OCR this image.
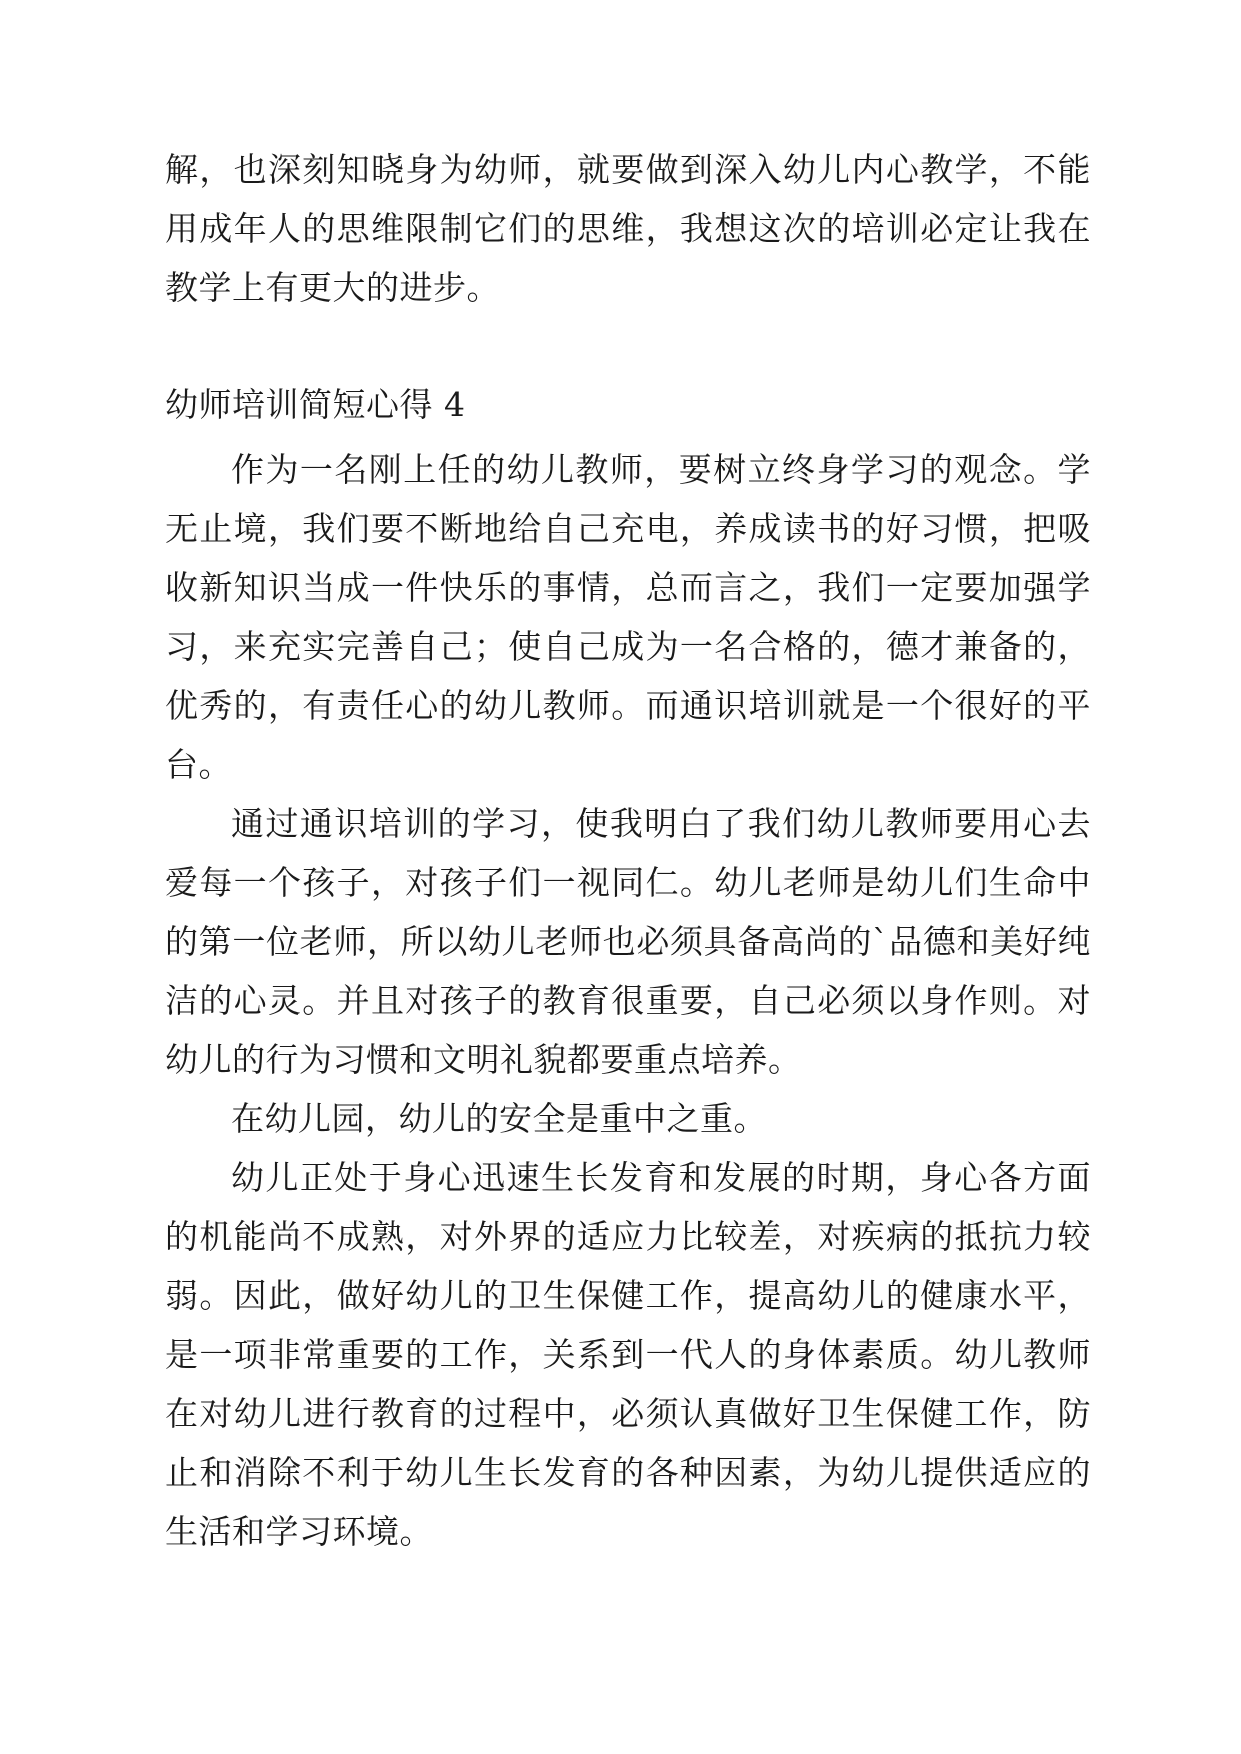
解，也深刻知晓身为幼师，就要做到深入幼儿内心教学，不能用成年人的思维限制它们的思维，我想这次的培训必定让我在教学上有更大的进步。

幼师培训简短心得 4

作为一名刚上任的幼儿教师，要树立终身学习的观念。学无止境，我们要不断地给自己充电，养成读书的好习惯，把吸收新知识当成一件快乐的事情，总而言之，我们一定要加强学习，来充实完善自己；使自己成为一名合格的，德才兼备的，优秀的，有责任心的幼儿教师。而通识培训就是一个很好的平台。

通过通识培训的学习，使我明白了我们幼儿教师要用心去爱每一个孩子，对孩子们一视同仁。幼儿老师是幼儿们生命中的第一位老师，所以幼儿老师也必须具备高尚的`品德和美好纯洁的心灵。并且对孩子的教育很重要，自己必须以身作则。对幼儿的行为习惯和文明礼貌都要重点培养。

在幼儿园，幼儿的安全是重中之重。

幼儿正处于身心迅速生长发育和发展的时期，身心各方面的机能尚不成熟，对外界的适应力比较差，对疾病的抵抗力较弱。因此，做好幼儿的卫生保健工作，提高幼儿的健康水平，是一项非常重要的工作，关系到一代人的身体素质。幼儿教师在对幼儿进行教育的过程中，必须认真做好卫生保健工作，防止和消除不利于幼儿生长发育的各种因素，为幼儿提供适应的生活和学习环境。
